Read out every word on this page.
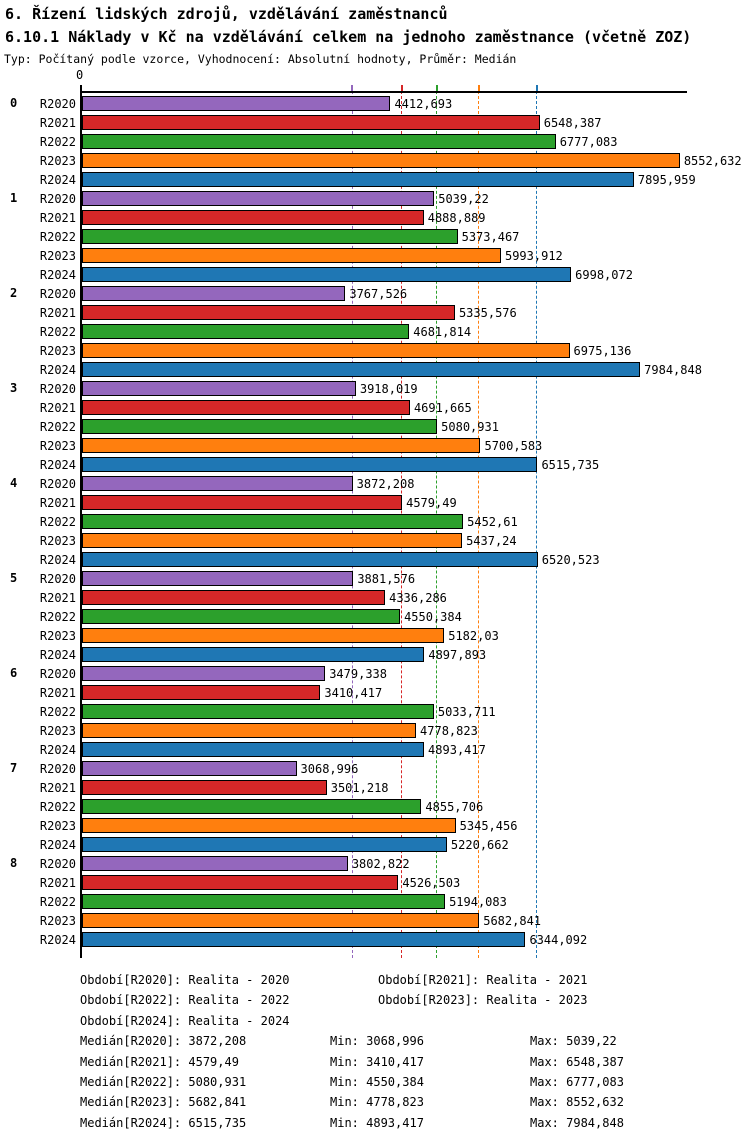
6. Řízení lidských zdrojů, vzdělávání zaměstnanců
6.10.1 Náklady v Kč na vzdělávání celkem na jednoho zaměstnance (včetně ZOZ)
Typ: Počítaný podle vzorce, Vyhodnocení: Absolutní hodnoty, Průměr: Medián
0
0	R2020	4412,693
R2021	6548,387
R2022	6777,083
R2023	8552,632
R2024	7895,959
1	R2020	5039,22
R2021	4888,889
R2022	5373,467
R2023	5993,912
R2024	6998,072
2	R2020	3767,526
R2021	5335,576
R2022	4681,814
R2023	6975,136
R2024	7984,848
3	R2020	3918,019
R2021	4691,665
R2022	5080,931
R2023	5700,583
R2024	6515,735
4	R2020	3872,208
R2021	4579,49
R2022	5452,61
R2023	5437,24
R2024	6520,523
5	R2020	3881,576
R2021	4336,286
R2022	4550,384
R2023	5182,03
R2024	4897,893
6	R2020	3479,338
R2021	3410,417
R2022	5033,711
R2023	4778,823
R2024	4893,417
7	R2020	3068,996
R2021	3501,218
R2022	4855,706
R2023	5345,456
R2024	5220,662
8	R2020	3802,822
R2021	4526,503
R2022	5194,083
R2023	5682,841
R2024	6344,092
Období[R2020]: Realita - 2020	Období[R2021]: Realita - 2021
Období[R2022]: Realita - 2022	Období[R2023]: Realita - 2023
Období[R2024]: Realita - 2024
Medián[R2020]: 3872,208	Min: 3068,996	Max: 5039,22
Medián[R2021]: 4579,49	Min: 3410,417	Max: 6548,387
Medián[R2022]: 5080,931	Min: 4550,384	Max: 6777,083
Medián[R2023]: 5682,841	Min: 4778,823	Max: 8552,632
Medián[R2024]: 6515,735	Min: 4893,417	Max: 7984,848
